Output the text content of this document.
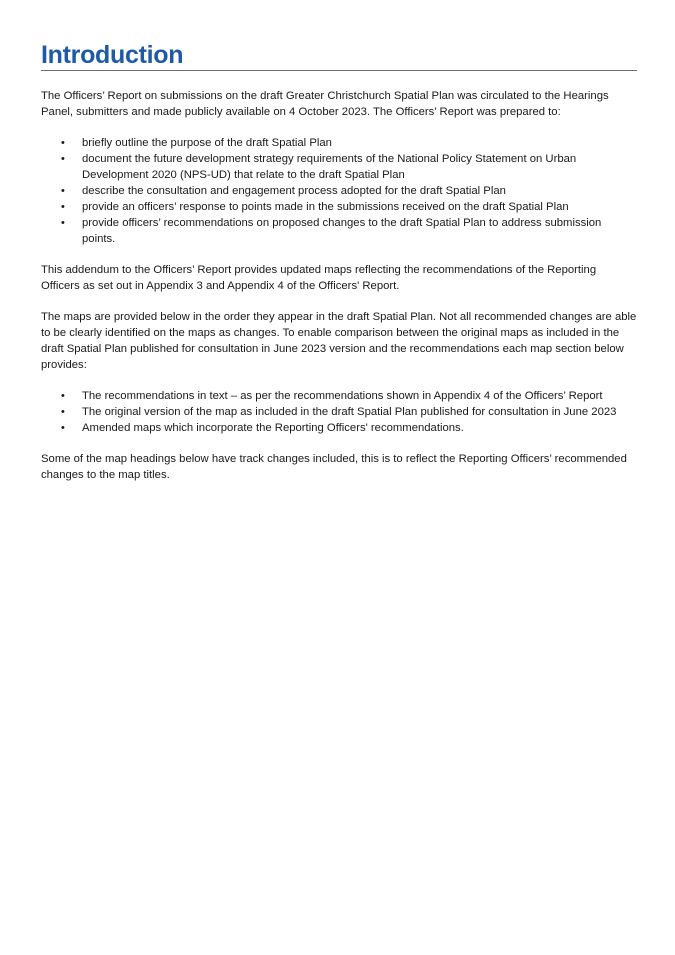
Introduction

The Officers’ Report on submissions on the draft Greater Christchurch Spatial Plan was circulated to the Hearings Panel, submitters and made publicly available on 4 October 2023. The Officers’ Report was prepared to:

• briefly outline the purpose of the draft Spatial Plan
• document the future development strategy requirements of the National Policy Statement on Urban Development 2020 (NPS-UD) that relate to the draft Spatial Plan
• describe the consultation and engagement process adopted for the draft Spatial Plan
• provide an officers’ response to points made in the submissions received on the draft Spatial Plan
• provide officers’ recommendations on proposed changes to the draft Spatial Plan to address submission points.

This addendum to the Officers’ Report provides updated maps reflecting the recommendations of the Reporting Officers as set out in Appendix 3 and Appendix 4 of the Officers' Report.

The maps are provided below in the order they appear in the draft Spatial Plan. Not all recommended changes are able to be clearly identified on the maps as changes. To enable comparison between the original maps as included in the draft Spatial Plan published for consultation in June 2023 version and the recommendations each map section below provides:

• The recommendations in text – as per the recommendations shown in Appendix 4 of the Officers’ Report
• The original version of the map as included in the draft Spatial Plan published for consultation in June 2023
• Amended maps which incorporate the Reporting Officers' recommendations.

Some of the map headings below have track changes included, this is to reflect the Reporting Officers’ recommended changes to the map titles.
